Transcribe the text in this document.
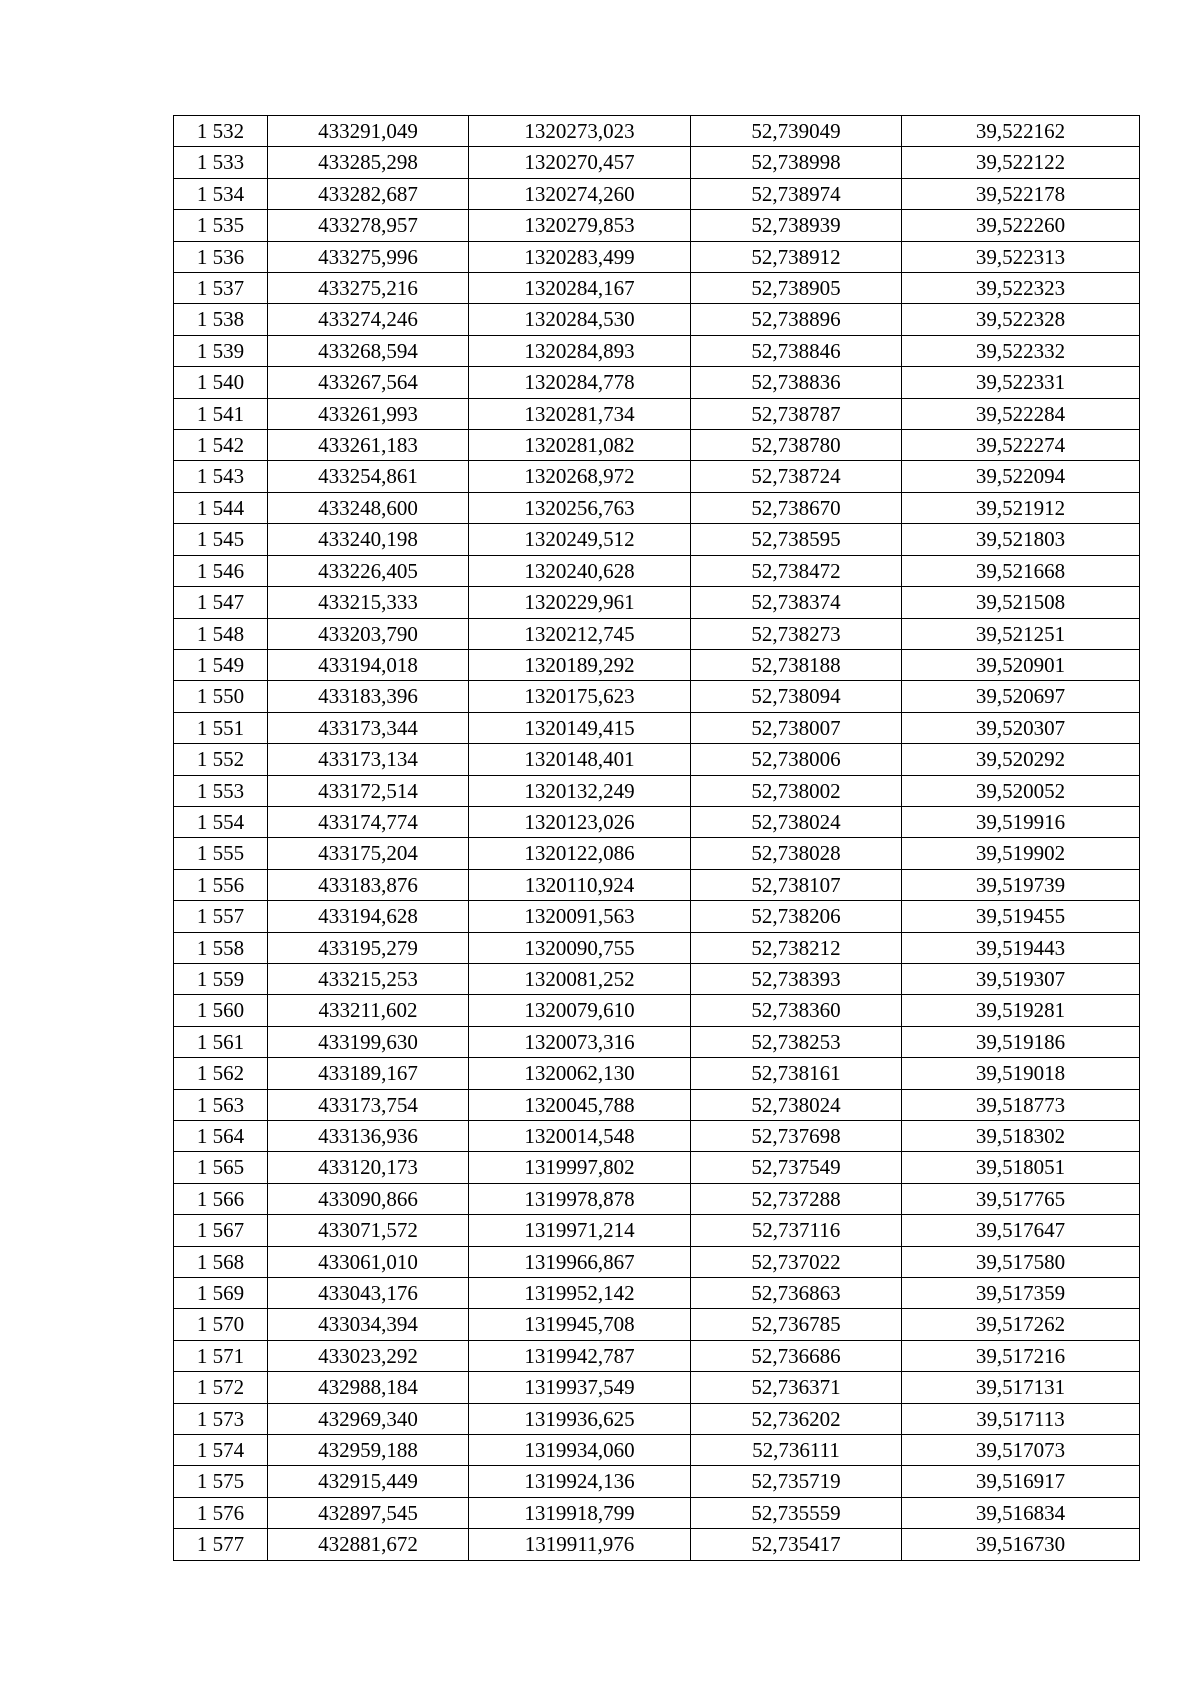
1 532	433291,049	1320273,023	52,739049	39,522162
1 533	433285,298	1320270,457	52,738998	39,522122
1 534	433282,687	1320274,260	52,738974	39,522178
1 535	433278,957	1320279,853	52,738939	39,522260
1 536	433275,996	1320283,499	52,738912	39,522313
1 537	433275,216	1320284,167	52,738905	39,522323
1 538	433274,246	1320284,530	52,738896	39,522328
1 539	433268,594	1320284,893	52,738846	39,522332
1 540	433267,564	1320284,778	52,738836	39,522331
1 541	433261,993	1320281,734	52,738787	39,522284
1 542	433261,183	1320281,082	52,738780	39,522274
1 543	433254,861	1320268,972	52,738724	39,522094
1 544	433248,600	1320256,763	52,738670	39,521912
1 545	433240,198	1320249,512	52,738595	39,521803
1 546	433226,405	1320240,628	52,738472	39,521668
1 547	433215,333	1320229,961	52,738374	39,521508
1 548	433203,790	1320212,745	52,738273	39,521251
1 549	433194,018	1320189,292	52,738188	39,520901
1 550	433183,396	1320175,623	52,738094	39,520697
1 551	433173,344	1320149,415	52,738007	39,520307
1 552	433173,134	1320148,401	52,738006	39,520292
1 553	433172,514	1320132,249	52,738002	39,520052
1 554	433174,774	1320123,026	52,738024	39,519916
1 555	433175,204	1320122,086	52,738028	39,519902
1 556	433183,876	1320110,924	52,738107	39,519739
1 557	433194,628	1320091,563	52,738206	39,519455
1 558	433195,279	1320090,755	52,738212	39,519443
1 559	433215,253	1320081,252	52,738393	39,519307
1 560	433211,602	1320079,610	52,738360	39,519281
1 561	433199,630	1320073,316	52,738253	39,519186
1 562	433189,167	1320062,130	52,738161	39,519018
1 563	433173,754	1320045,788	52,738024	39,518773
1 564	433136,936	1320014,548	52,737698	39,518302
1 565	433120,173	1319997,802	52,737549	39,518051
1 566	433090,866	1319978,878	52,737288	39,517765
1 567	433071,572	1319971,214	52,737116	39,517647
1 568	433061,010	1319966,867	52,737022	39,517580
1 569	433043,176	1319952,142	52,736863	39,517359
1 570	433034,394	1319945,708	52,736785	39,517262
1 571	433023,292	1319942,787	52,736686	39,517216
1 572	432988,184	1319937,549	52,736371	39,517131
1 573	432969,340	1319936,625	52,736202	39,517113
1 574	432959,188	1319934,060	52,736111	39,517073
1 575	432915,449	1319924,136	52,735719	39,516917
1 576	432897,545	1319918,799	52,735559	39,516834
1 577	432881,672	1319911,976	52,735417	39,516730
